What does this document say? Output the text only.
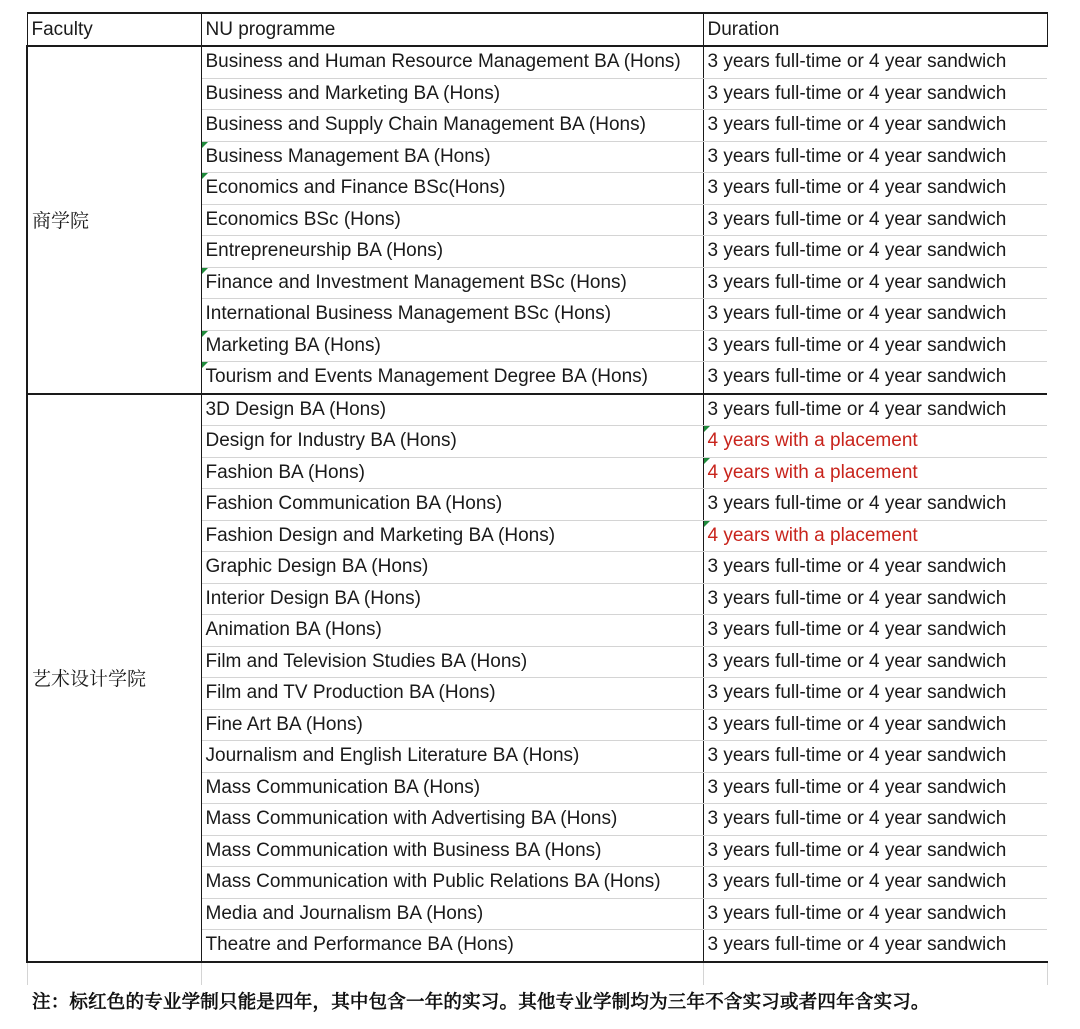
Faculty	NU programme	Duration
商学院	Business and Human Resource Management BA (Hons)	3 years full-time or 4 year sandwich
	Business and Marketing BA (Hons)	3 years full-time or 4 year sandwich
	Business and Supply Chain Management BA (Hons)	3 years full-time or 4 year sandwich
	Business Management BA (Hons)	3 years full-time or 4 year sandwich
	Economics and Finance BSc(Hons)	3 years full-time or 4 year sandwich
	Economics BSc (Hons)	3 years full-time or 4 year sandwich
	Entrepreneurship BA (Hons)	3 years full-time or 4 year sandwich
	Finance and Investment Management BSc (Hons)	3 years full-time or 4 year sandwich
	International Business Management BSc (Hons)	3 years full-time or 4 year sandwich
	Marketing BA (Hons)	3 years full-time or 4 year sandwich
	Tourism and Events Management Degree BA (Hons)	3 years full-time or 4 year sandwich
艺术设计学院	3D Design BA (Hons)	3 years full-time or 4 year sandwich
	Design for Industry BA (Hons)	4 years with a placement
	Fashion BA (Hons)	4 years with a placement
	Fashion Communication BA (Hons)	3 years full-time or 4 year sandwich
	Fashion Design and Marketing BA (Hons)	4 years with a placement
	Graphic Design BA (Hons)	3 years full-time or 4 year sandwich
	Interior Design BA (Hons)	3 years full-time or 4 year sandwich
	Animation BA (Hons)	3 years full-time or 4 year sandwich
	Film and Television Studies BA (Hons)	3 years full-time or 4 year sandwich
	Film and TV Production BA (Hons)	3 years full-time or 4 year sandwich
	Fine Art BA (Hons)	3 years full-time or 4 year sandwich
	Journalism and English Literature BA (Hons)	3 years full-time or 4 year sandwich
	Mass Communication BA (Hons)	3 years full-time or 4 year sandwich
	Mass Communication with Advertising BA (Hons)	3 years full-time or 4 year sandwich
	Mass Communication with Business BA (Hons)	3 years full-time or 4 year sandwich
	Mass Communication with Public Relations BA (Hons)	3 years full-time or 4 year sandwich
	Media and Journalism BA (Hons)	3 years full-time or 4 year sandwich
	Theatre and Performance BA (Hons)	3 years full-time or 4 year sandwich

注：标红色的专业学制只能是四年，其中包含一年的实习。其他专业学制均为三年不含实习或者四年含实习。
